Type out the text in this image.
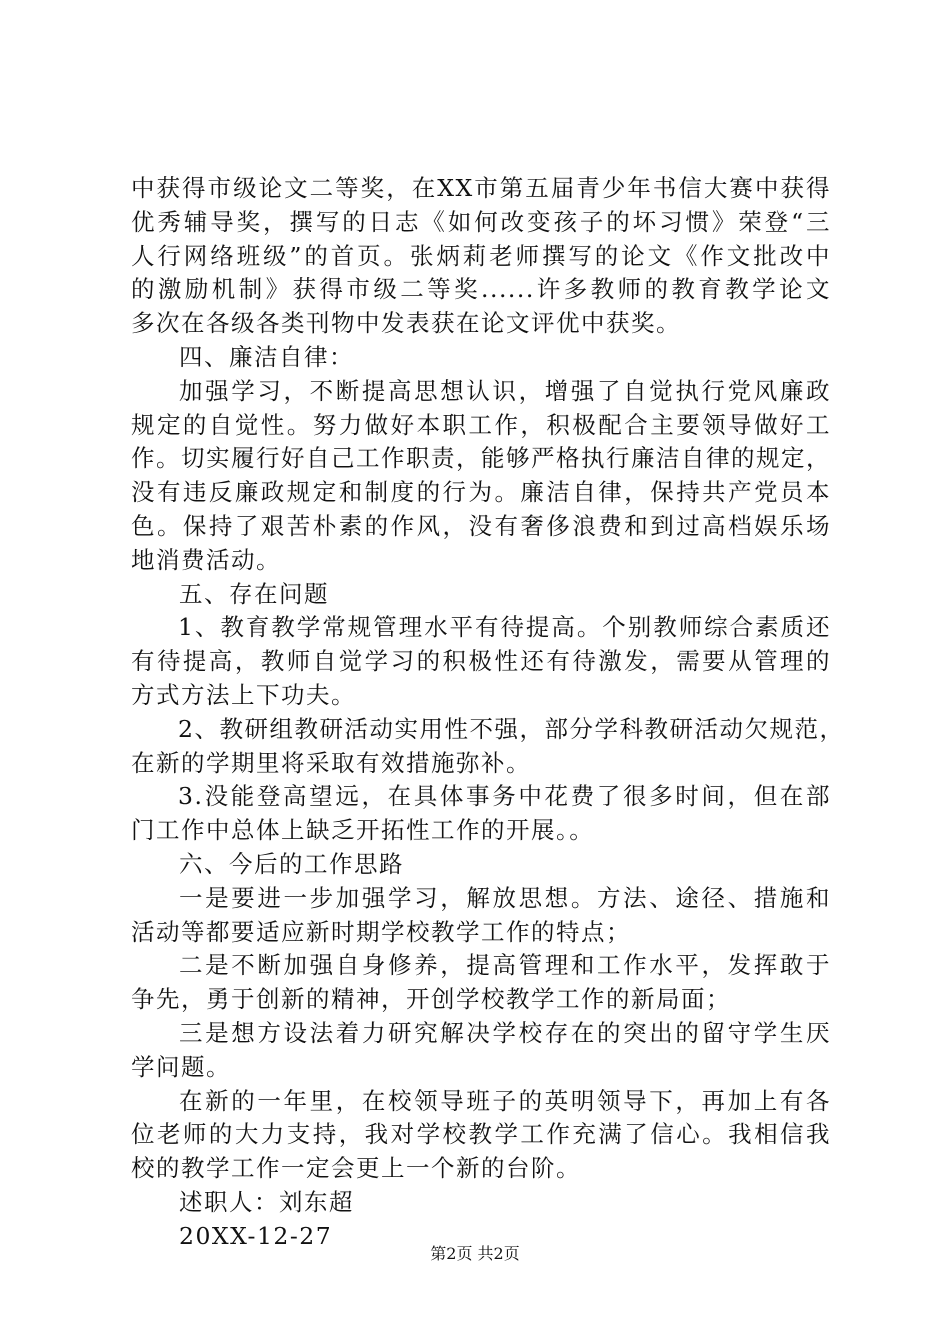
中获得市级论文二等奖，在XX市第五届青少年书信大赛中获得
优秀辅导奖，撰写的日志《如何改变孩子的坏习惯》荣登“三
人行网络班级”的首页。张炳莉老师撰写的论文《作文批改中
的激励机制》获得市级二等奖......许多教师的教育教学论文
多次在各级各类刊物中发表获在论文评优中获奖。
四、廉洁自律：
加强学习，不断提高思想认识，增强了自觉执行党风廉政
规定的自觉性。努力做好本职工作，积极配合主要领导做好工
作。切实履行好自己工作职责，能够严格执行廉洁自律的规定，
没有违反廉政规定和制度的行为。廉洁自律，保持共产党员本
色。保持了艰苦朴素的作风，没有奢侈浪费和到过高档娱乐场
地消费活动。
五、存在问题
1、教育教学常规管理水平有待提高。个别教师综合素质还
有待提高，教师自觉学习的积极性还有待激发，需要从管理的
方式方法上下功夫。
2、教研组教研活动实用性不强，部分学科教研活动欠规范，
在新的学期里将采取有效措施弥补。
3.没能登高望远，在具体事务中花费了很多时间，但在部
门工作中总体上缺乏开拓性工作的开展。。
六、今后的工作思路
一是要进一步加强学习，解放思想。方法、途径、措施和
活动等都要适应新时期学校教学工作的特点；
二是不断加强自身修养，提高管理和工作水平，发挥敢于
争先，勇于创新的精神，开创学校教学工作的新局面；
三是想方设法着力研究解决学校存在的突出的留守学生厌
学问题。
在新的一年里，在校领导班子的英明领导下，再加上有各
位老师的大力支持，我对学校教学工作充满了信心。我相信我
校的教学工作一定会更上一个新的台阶。
述职人：刘东超
20XX-12-27
第2页 共2页
